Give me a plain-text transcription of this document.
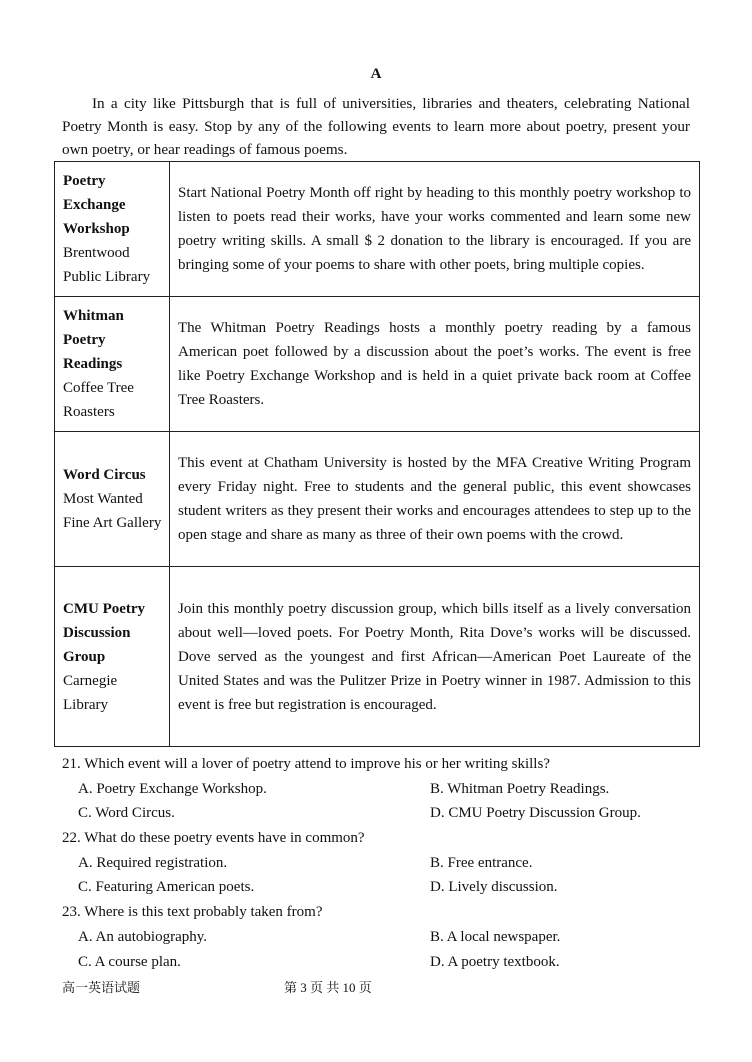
A
In a city like Pittsburgh that is full of universities, libraries and theaters, celebrating National Poetry Month is easy. Stop by any of the following events to learn more about poetry, present your own poetry, or hear readings of famous poems.
Poetry Exchange Workshop
Brentwood Public Library	Start National Poetry Month off right by heading to this monthly poetry workshop to listen to poets read their works, have your works commented and learn some new poetry writing skills. A small $ 2 donation to the library is encouraged. If you are bringing some of your poems to share with other poets, bring multiple copies.

Whitman Poetry Readings
Coffee Tree Roasters	The Whitman Poetry Readings hosts a monthly poetry reading by a famous American poet followed by a discussion about the poet’s works. The event is free like Poetry Exchange Workshop and is held in a quiet private back room at Coffee Tree Roasters.

Word Circus
Most Wanted Fine Art Gallery	This event at Chatham University is hosted by the MFA Creative Writing Program every Friday night. Free to students and the general public, this event showcases student writers as they present their works and encourages attendees to step up to the open stage and share as many as three of their own poems with the crowd.

CMU Poetry Discussion Group
Carnegie Library	Join this monthly poetry discussion group, which bills itself as a lively conversation about well—loved poets. For Poetry Month, Rita Dove’s works will be discussed. Dove served as the youngest and first African—American Poet Laureate of the United States and was the Pulitzer Prize in Poetry winner in 1987. Admission to this event is free but registration is encouraged.
21. Which event will a lover of poetry attend to improve his or her writing skills?
A. Poetry Exchange Workshop.	B. Whitman Poetry Readings.
C. Word Circus.	D. CMU Poetry Discussion Group.
22. What do these poetry events have in common?
A. Required registration.	B. Free entrance.
C. Featuring American poets.	D. Lively discussion.
23. Where is this text probably taken from?
A. An autobiography.	B. A local newspaper.
C. A course plan.	D. A poetry textbook.
高一英语试题	第 3 页 共 10 页
